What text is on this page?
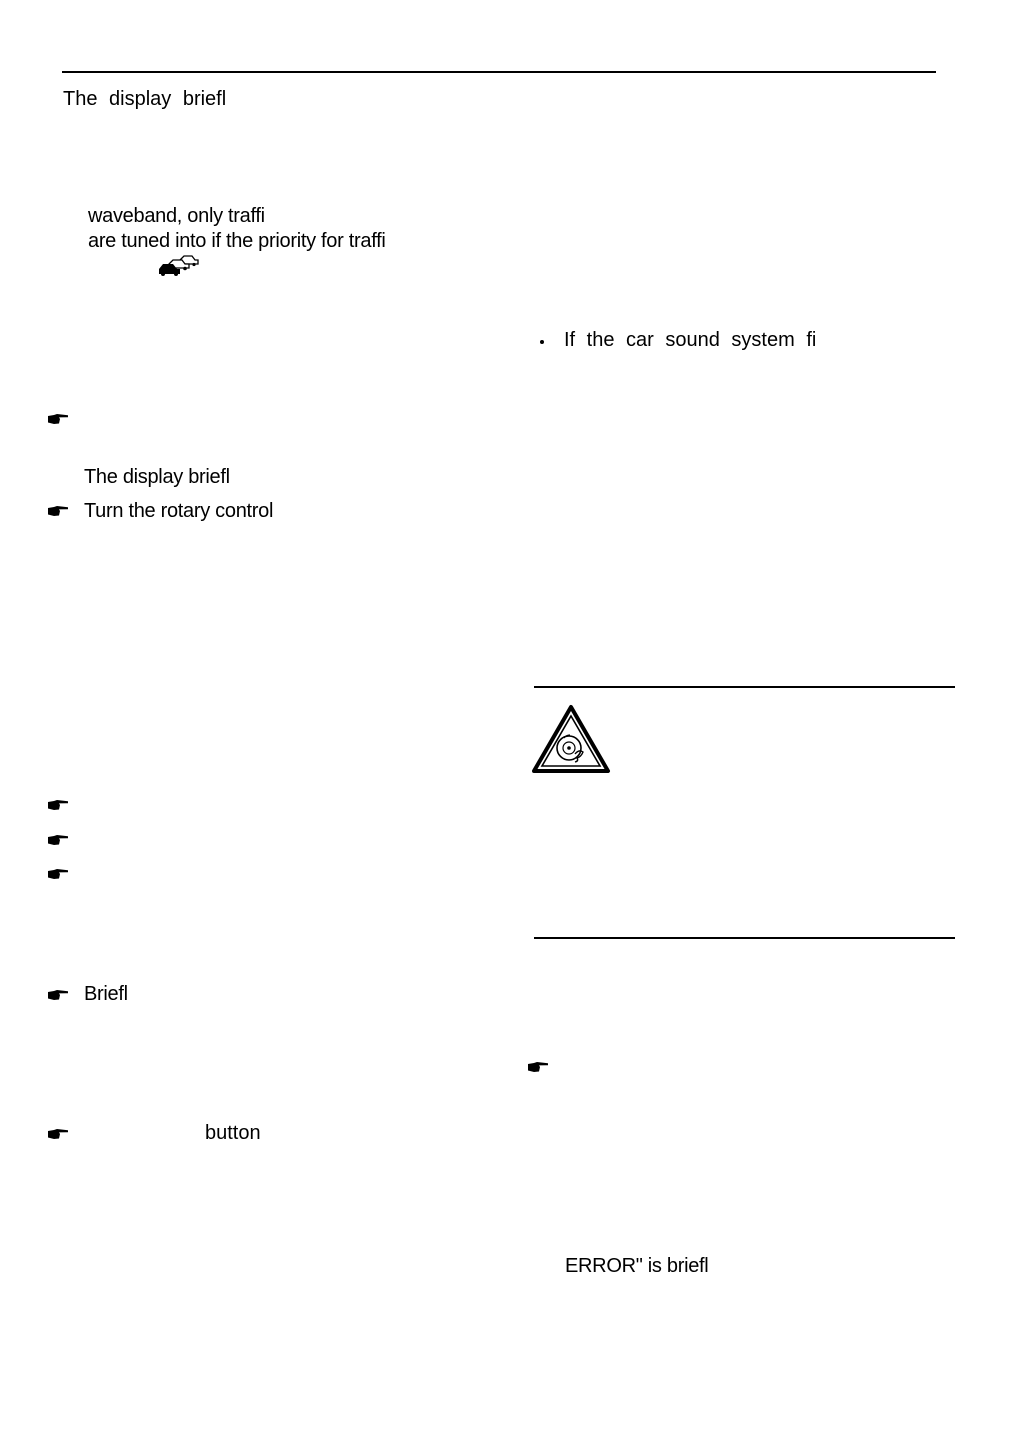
The display briefl
waveband, only traffi
are tuned into if the priority for traffi
The display briefl
Turn the rotary control
Briefl
button
If the car sound system fi
ERROR" is briefl
